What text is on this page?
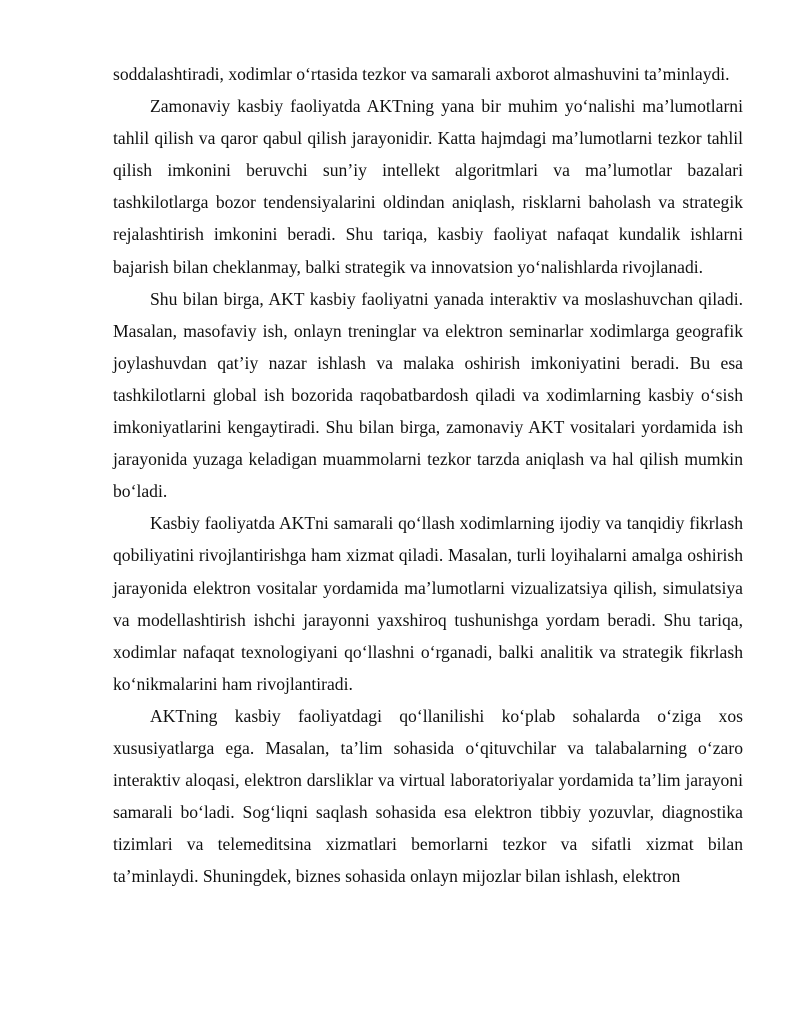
soddalashtiradi, xodimlar o‘rtasida tezkor va samarali axborot almashuvini ta’minlaydi.

Zamonaviy kasbiy faoliyatda AKTning yana bir muhim yo‘nalishi ma’lumotlarni tahlil qilish va qaror qabul qilish jarayonidir. Katta hajmdagi ma’lumotlarni tezkor tahlil qilish imkonini beruvchi sun’iy intellekt algoritmlari va ma’lumotlar bazalari tashkilotlarga bozor tendensiyalarini oldindan aniqlash, risklarni baholash va strategik rejalashtirish imkonini beradi. Shu tariqa, kasbiy faoliyat nafaqat kundalik ishlarni bajarish bilan cheklanmay, balki strategik va innovatsion yo‘nalishlarda rivojlanadi.

Shu bilan birga, AKT kasbiy faoliyatni yanada interaktiv va moslashuvchan qiladi. Masalan, masofaviy ish, onlayn treninglar va elektron seminarlar xodimlarga geografik joylashuvdan qat’iy nazar ishlash va malaka oshirish imkoniyatini beradi. Bu esa tashkilotlarni global ish bozorida raqobatbardosh qiladi va xodimlarning kasbiy o‘sish imkoniyatlarini kengaytiradi. Shu bilan birga, zamonaviy AKT vositalari yordamida ish jarayonida yuzaga keladigan muammolarni tezkor tarzda aniqlash va hal qilish mumkin bo‘ladi.

Kasbiy faoliyatda AKTni samarali qo‘llash xodimlarning ijodiy va tanqidiy fikrlash qobiliyatini rivojlantirishga ham xizmat qiladi. Masalan, turli loyihalarni amalga oshirish jarayonida elektron vositalar yordamida ma’lumotlarni vizualizatsiya qilish, simulatsiya va modellashtirish ishchi jarayonni yaxshiroq tushunishga yordam beradi. Shu tariqa, xodimlar nafaqat texnologiyani qo‘llashni o‘rganadi, balki analitik va strategik fikrlash ko‘nikmalarini ham rivojlantiradi.

AKTning kasbiy faoliyatdagi qo‘llanilishi ko‘plab sohalarda o‘ziga xos xususiyatlarga ega. Masalan, ta’lim sohasida o‘qituvchilar va talabalarning o‘zaro interaktiv aloqasi, elektron darsliklar va virtual laboratoriyalar yordamida ta’lim jarayoni samarali bo‘ladi. Sog‘liqni saqlash sohasida esa elektron tibbiy yozuvlar, diagnostika tizimlari va telemeditsina xizmatlari bemorlarni tezkor va sifatli xizmat bilan ta’minlaydi. Shuningdek, biznes sohasida onlayn mijozlar bilan ishlash, elektron
